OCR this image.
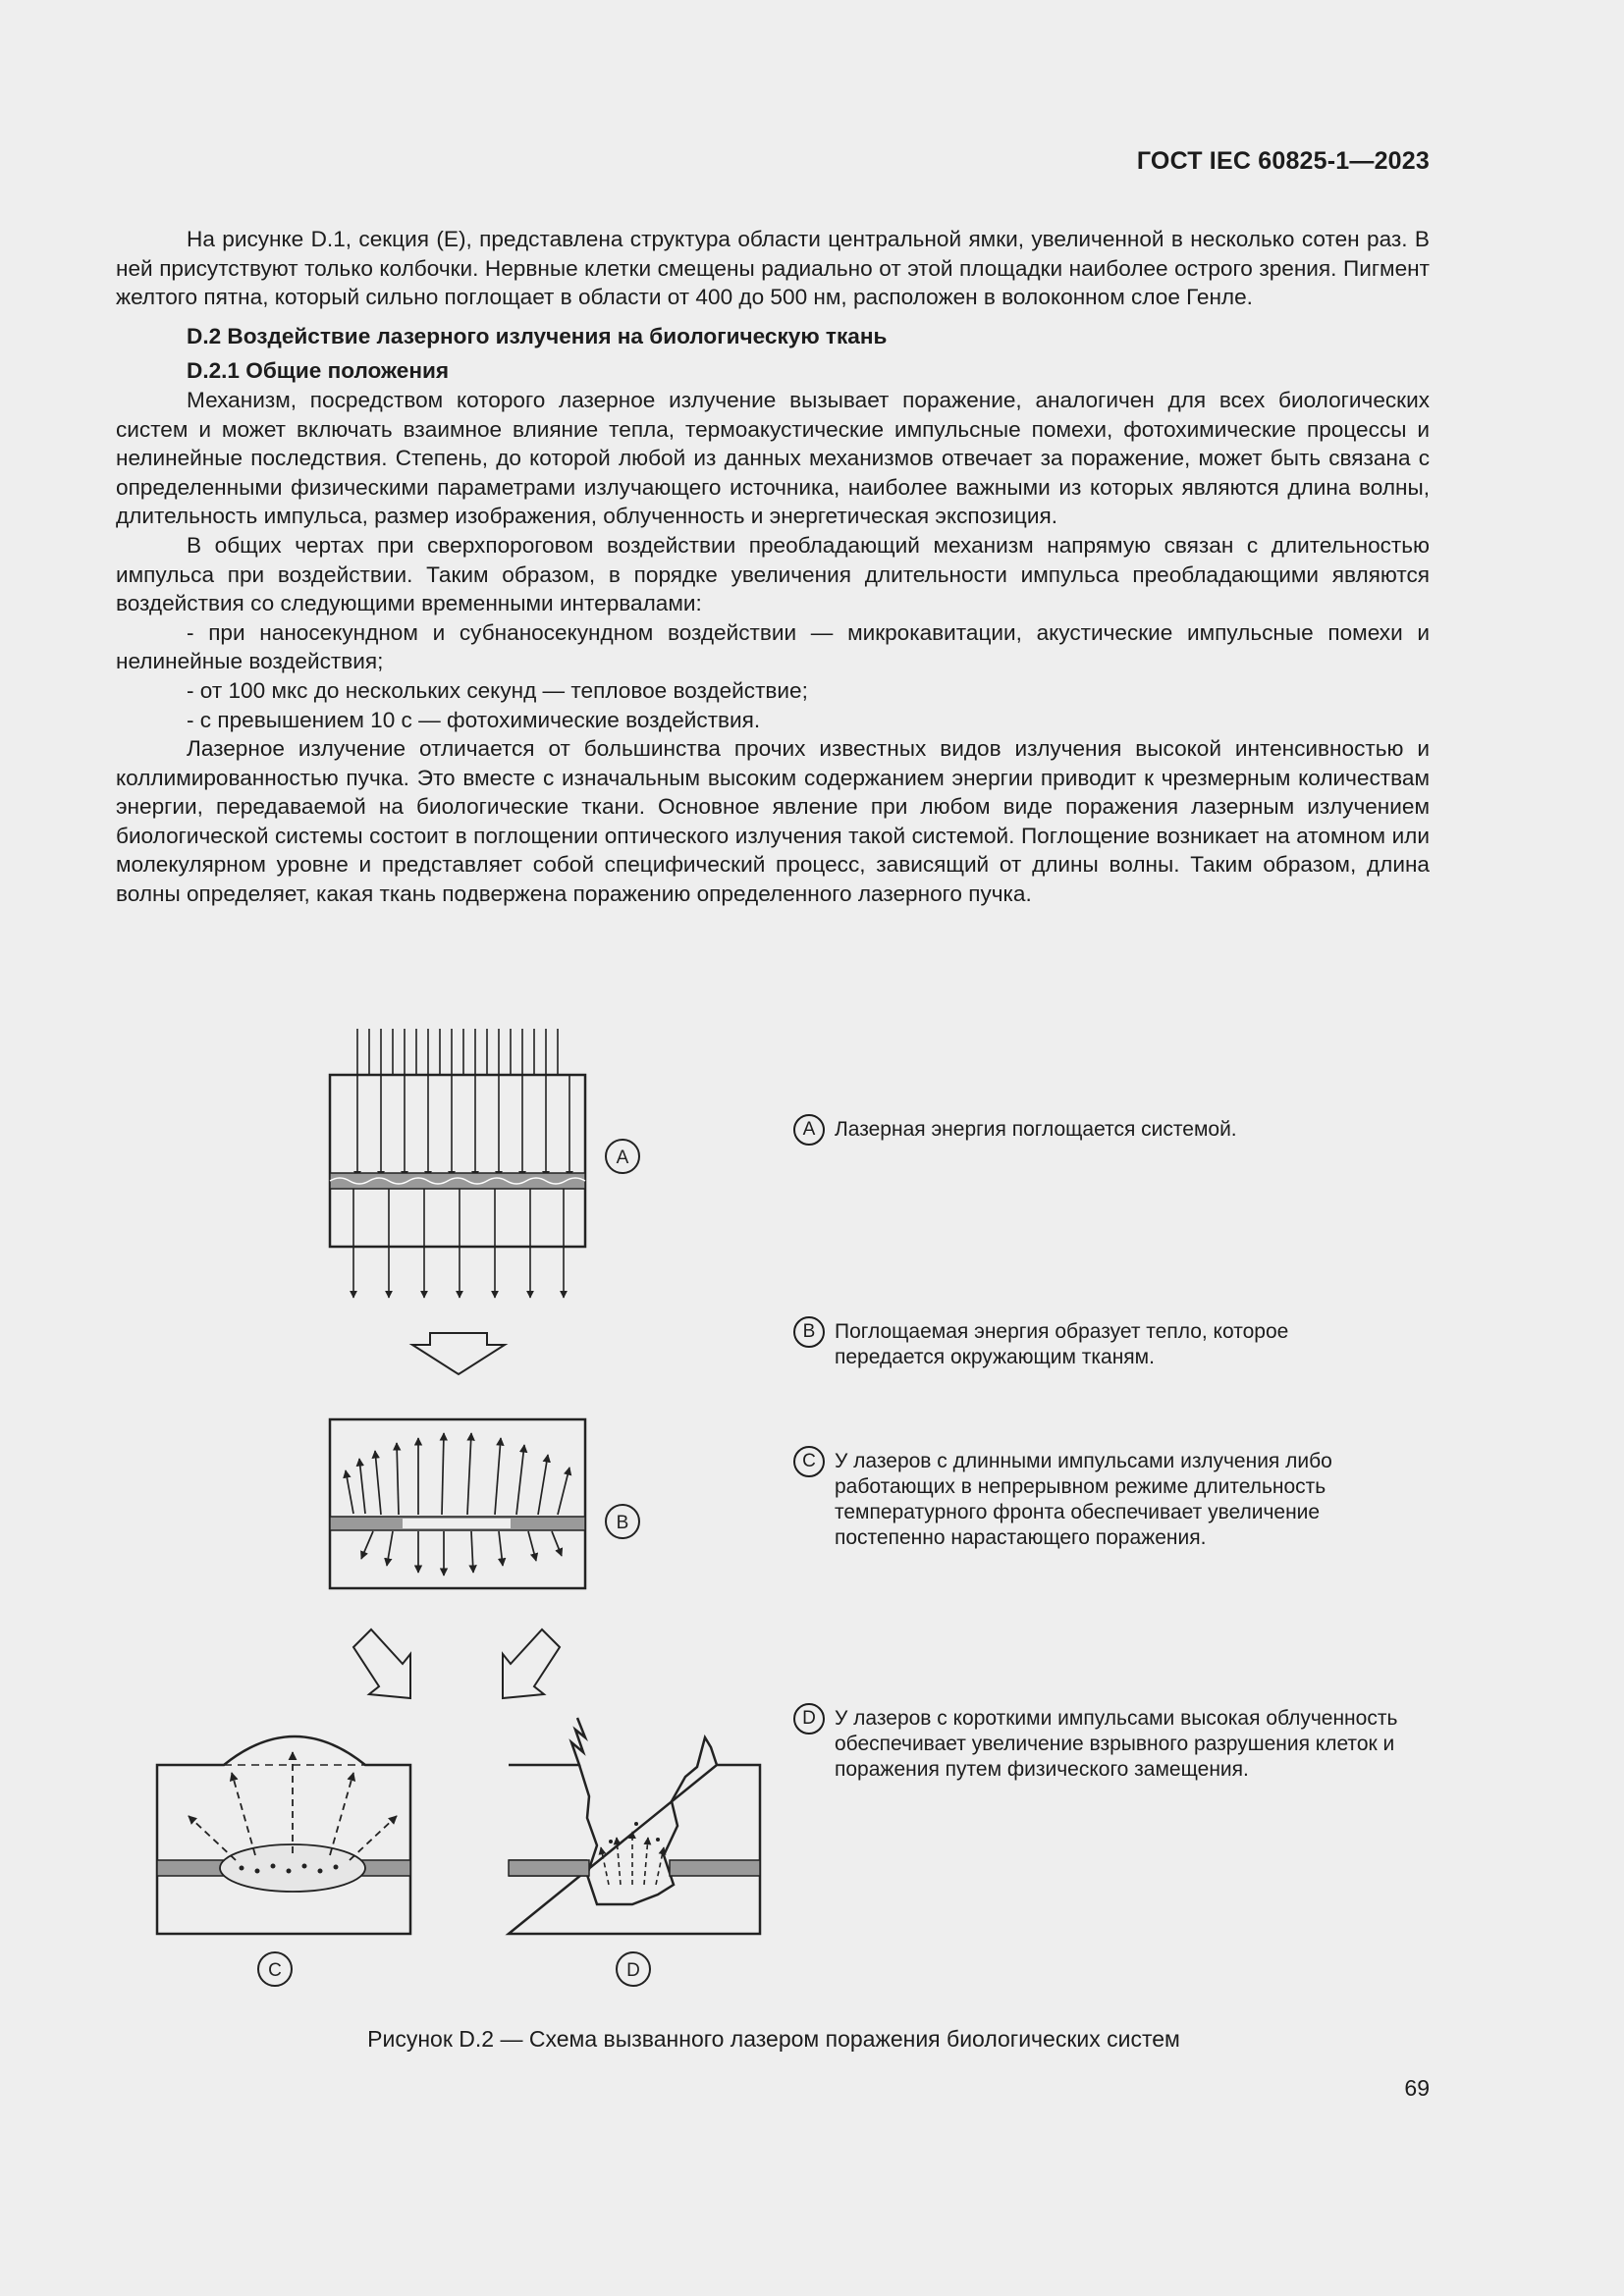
ГОСТ IEC 60825-1—2023

На рисунке D.1, секция (E), представлена структура области центральной ямки, увеличенной в несколько сотен раз. В ней присутствуют только колбочки. Нервные клетки смещены радиально от этой площадки наиболее острого зрения. Пигмент желтого пятна, который сильно поглощает в области от 400 до 500 нм, расположен в волоконном слое Генле.

D.2 Воздействие лазерного излучения на биологическую ткань
D.2.1 Общие положения

Механизм, посредством которого лазерное излучение вызывает поражение, аналогичен для всех биологических систем и может включать взаимное влияние тепла, термоакустические импульсные помехи, фотохимические процессы и нелинейные последствия. Степень, до которой любой из данных механизмов отвечает за поражение, может быть связана с определенными физическими параметрами излучающего источника, наиболее важными из которых являются длина волны, длительность импульса, размер изображения, облученность и энергетическая экспозиция.

В общих чертах при сверхпороговом воздействии преобладающий механизм напрямую связан с длительностью импульса при воздействии. Таким образом, в порядке увеличения длительности импульса преобладающими являются воздействия со следующими временными интервалами:

- при наносекундном и субнаносекундном воздействии — микрокавитации, акустические импульсные помехи и нелинейные воздействия;

- от 100 мкс до нескольких секунд — тепловое воздействие;

- с превышением 10 с — фотохимические воздействия.

Лазерное излучение отличается от большинства прочих известных видов излучения высокой интенсивностью и коллимированностью пучка. Это вместе с изначальным высоким содержанием энергии приводит к чрезмерным количествам энергии, передаваемой на биологические ткани. Основное явление при любом виде поражения лазерным излучением биологической системы состоит в поглощении оптического излучения такой системой. Поглощение возникает на атомном или молекулярном уровне и представляет собой специфический процесс, зависящий от длины волны. Таким образом, длина волны определяет, какая ткань подвержена поражению определенного лазерного пучка.

A
B
C	D
A Лазерная энергия поглощается системой.
B Поглощаемая энергия образует тепло, которое передается окружающим тканям.
C У лазеров с длинными импульсами излучения либо работающих в непрерывном режиме длительность температурного фронта обеспечивает увеличение постепенно нарастающего поражения.
D У лазеров с короткими импульсами высокая облученность обеспечивает увеличение взрывного разрушения клеток и поражения путем физического замещения.
Рисунок D.2 — Схема вызванного лазером поражения биологических систем
69
